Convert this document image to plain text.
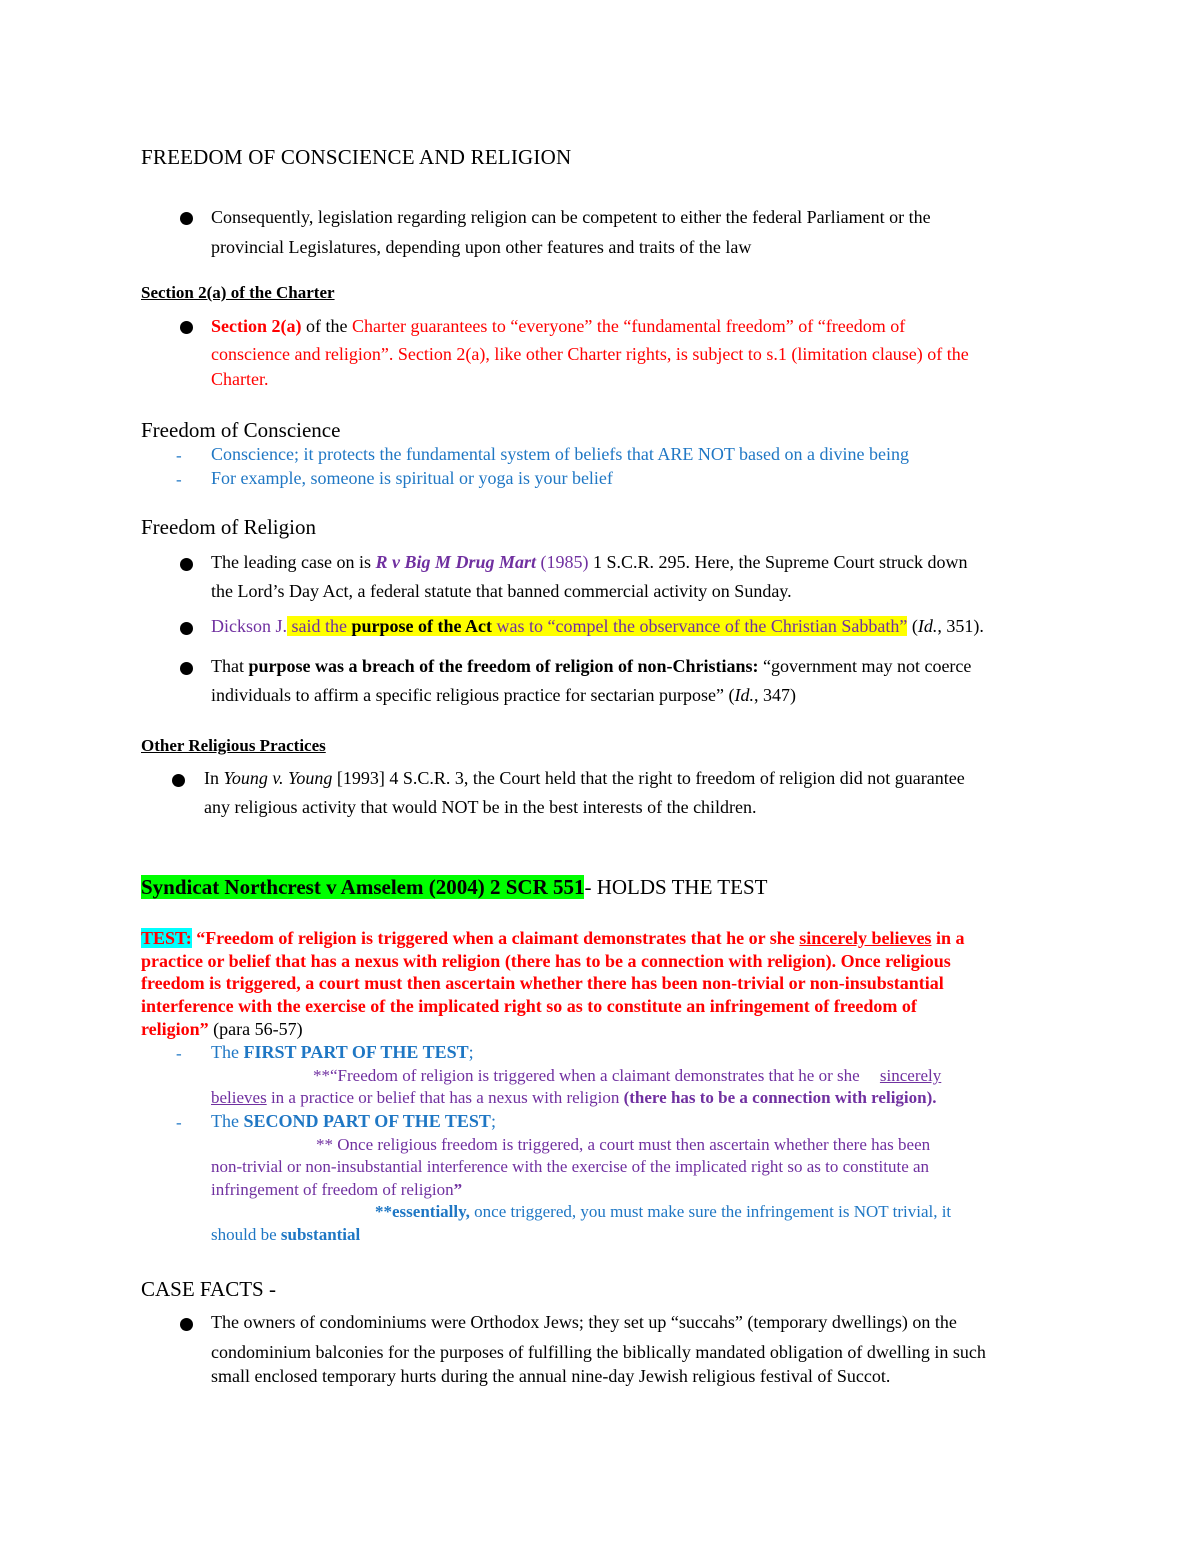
FREEDOM OF CONSCIENCE AND RELIGION
Consequently, legislation regarding religion can be competent to either the federal Parliament or the
provincial Legislatures, depending upon other features and traits of the law
Section 2(a) of the Charter
Section 2(a) of the Charter guarantees to “everyone” the “fundamental freedom” of “freedom of
conscience and religion”. Section 2(a), like other Charter rights, is subject to s.1 (limitation clause) of the
Charter.
Freedom of Conscience
- Conscience; it protects the fundamental system of beliefs that ARE NOT based on a divine being
- For example, someone is spiritual or yoga is your belief
Freedom of Religion
The leading case on is R v Big M Drug Mart (1985) 1 S.C.R. 295. Here, the Supreme Court struck down
the Lord’s Day Act, a federal statute that banned commercial activity on Sunday.
Dickson J. said the purpose of the Act was to “compel the observance of the Christian Sabbath” (Id., 351).
That purpose was a breach of the freedom of religion of non-Christians: “government may not coerce
individuals to affirm a specific religious practice for sectarian purpose” (Id., 347)
Other Religious Practices
In Young v. Young [1993] 4 S.C.R. 3, the Court held that the right to freedom of religion did not guarantee
any religious activity that would NOT be in the best interests of the children.
Syndicat Northcrest v Amselem (2004) 2 SCR 551- HOLDS THE TEST
TEST: “Freedom of religion is triggered when a claimant demonstrates that he or she sincerely believes in a
practice or belief that has a nexus with religion (there has to be a connection with religion). Once religious
freedom is triggered, a court must then ascertain whether there has been non-trivial or non-insubstantial
interference with the exercise of the implicated right so as to constitute an infringement of freedom of
religion” (para 56-57)
- The FIRST PART OF THE TEST;
**“Freedom of religion is triggered when a claimant demonstrates that he or she sincerely
believes in a practice or belief that has a nexus with religion (there has to be a connection with religion).
- The SECOND PART OF THE TEST;
** Once religious freedom is triggered, a court must then ascertain whether there has been
non-trivial or non-insubstantial interference with the exercise of the implicated right so as to constitute an
infringement of freedom of religion”
**essentially, once triggered, you must make sure the infringement is NOT trivial, it
should be substantial
CASE FACTS -
The owners of condominiums were Orthodox Jews; they set up “succahs” (temporary dwellings) on the
condominium balconies for the purposes of fulfilling the biblically mandated obligation of dwelling in such
small enclosed temporary hurts during the annual nine-day Jewish religious festival of Succot.
